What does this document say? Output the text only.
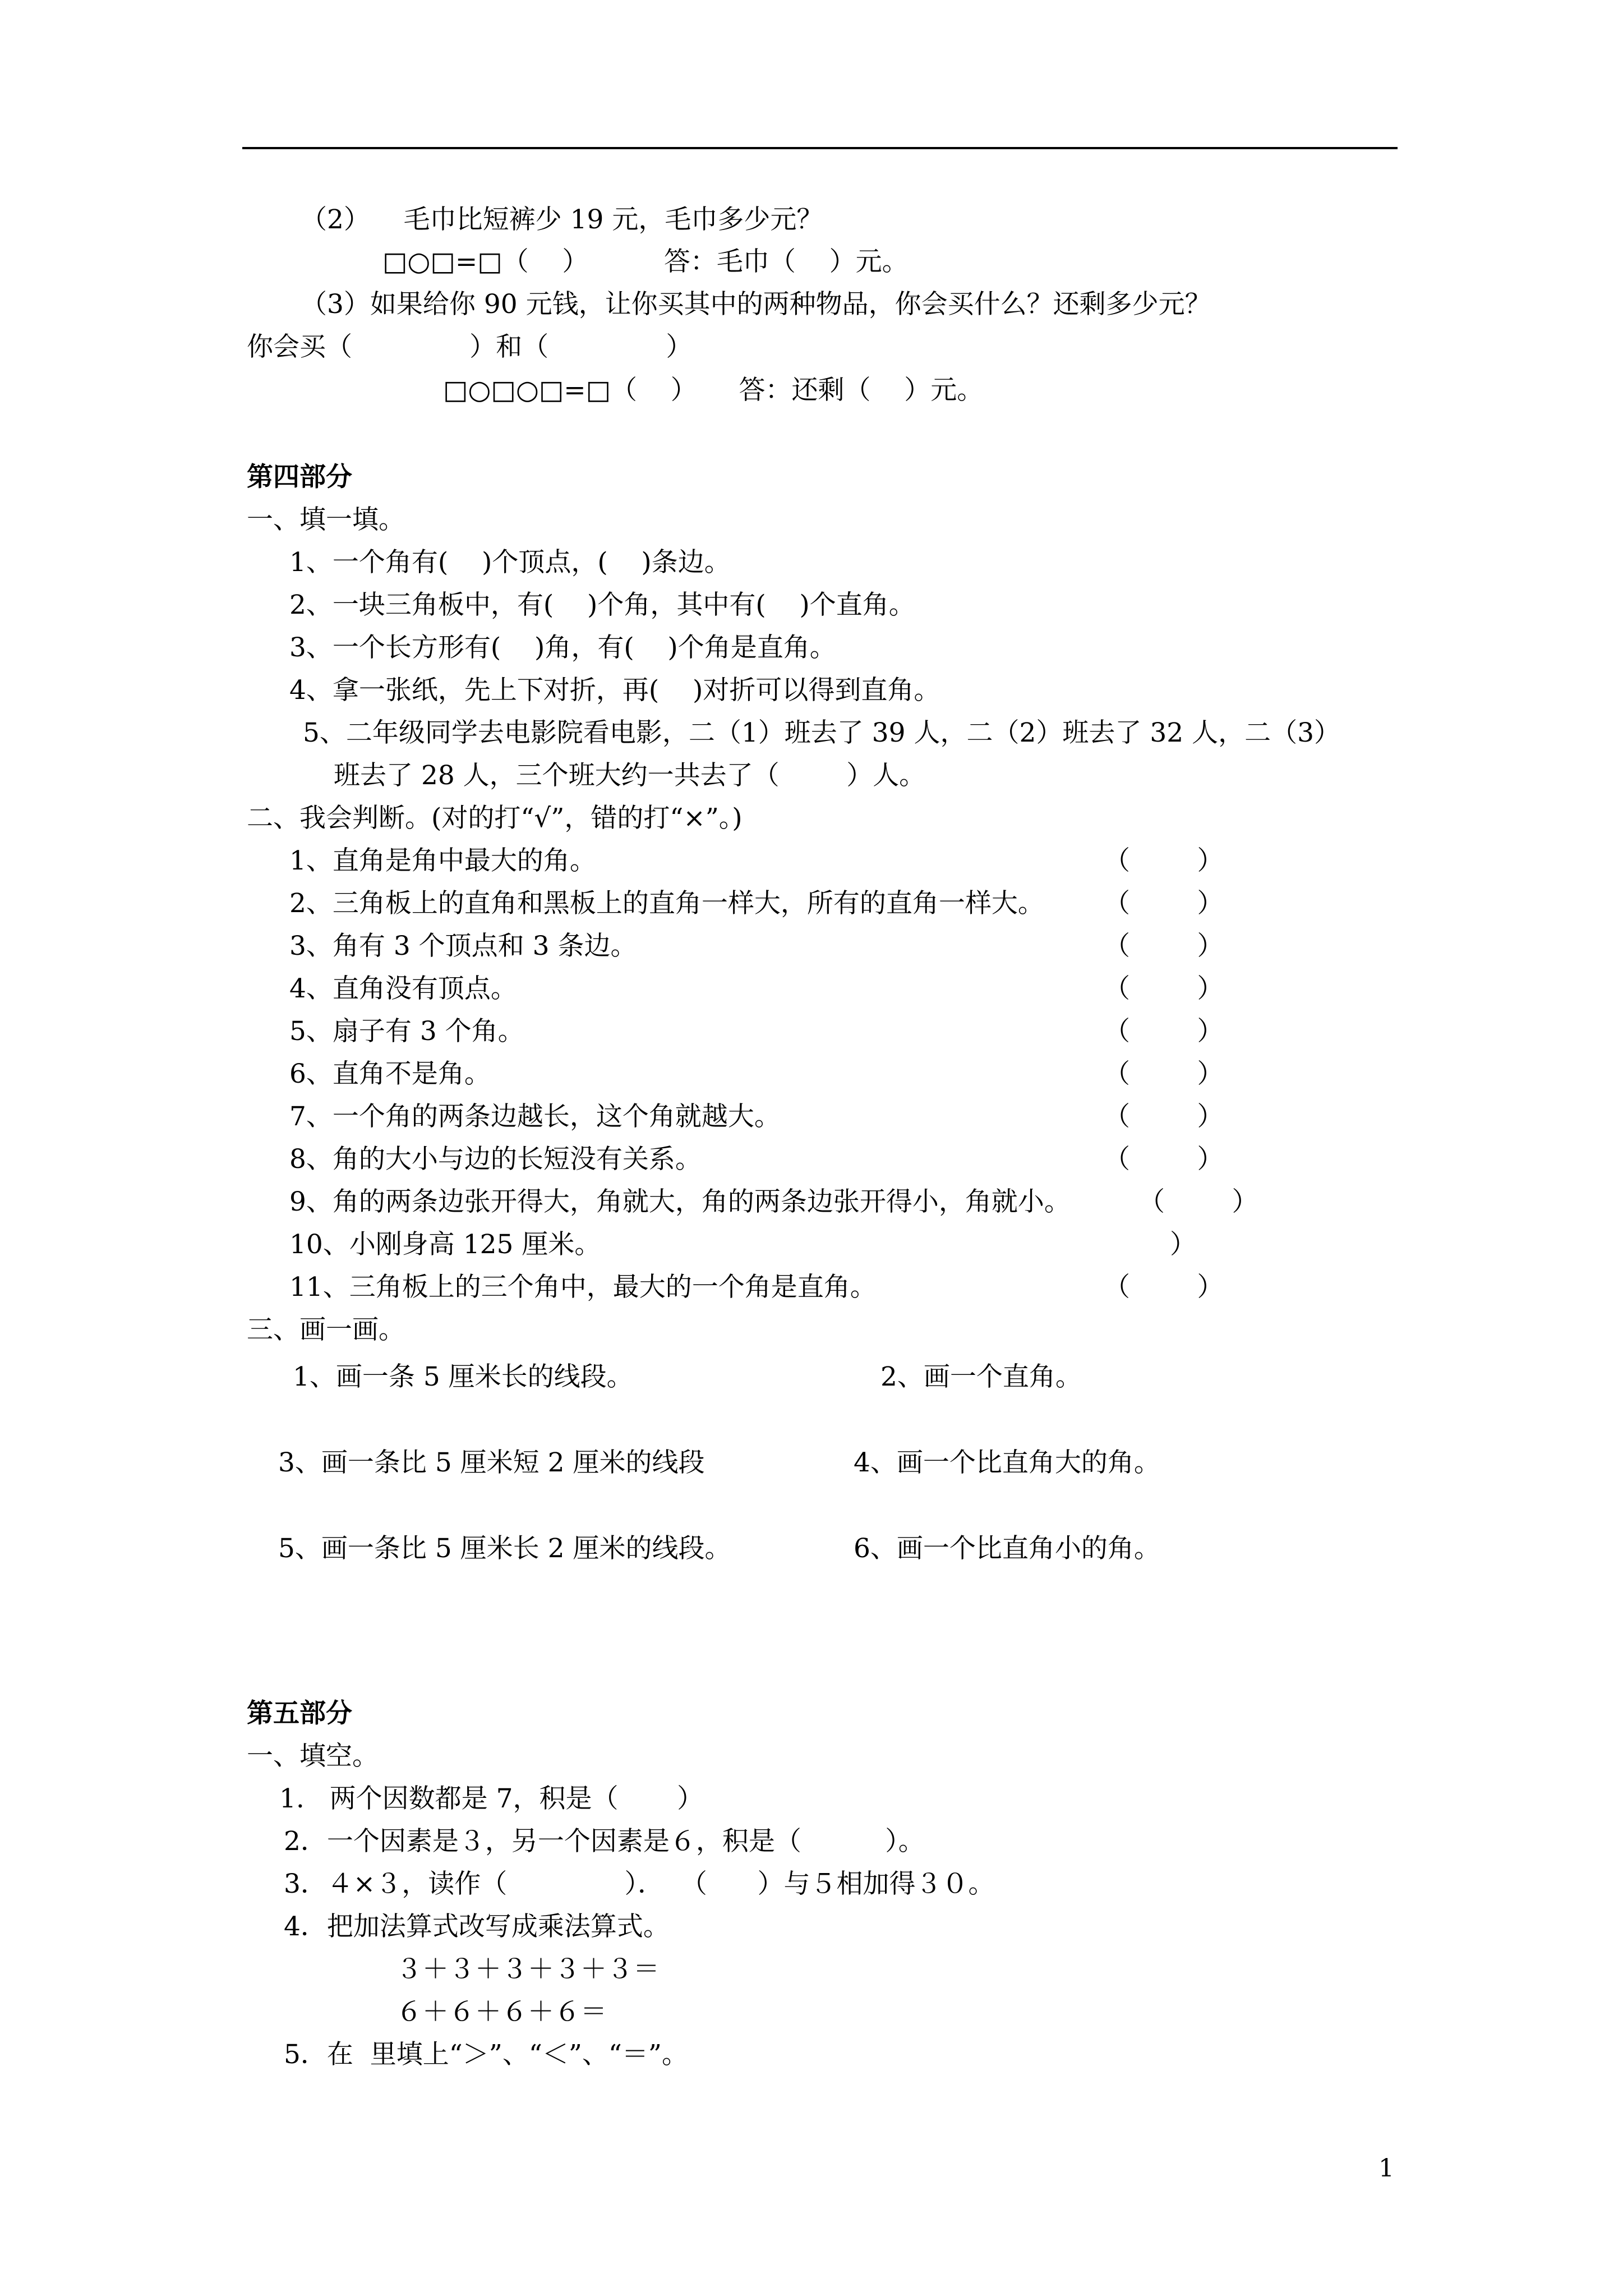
（2）    毛巾比短裤少 19 元，毛巾多少元？
□○□=□（    ）         答：毛巾（    ）元。
（3）如果给你 90 元钱，让你买其中的两种物品，你会买什么？还剩多少元？
你会买（              ）和（              ）
□○□○□=□（    ）     答：还剩（    ）元。
第四部分
一、填一填。
1、一个角有(    )个顶点，(    )条边。
2、一块三角板中，有(    )个角，其中有(    )个直角。
3、一个长方形有(    )角，有(    )个角是直角。
4、拿一张纸，先上下对折，再(    )对折可以得到直角。
5、二年级同学去电影院看电影，二（1）班去了 39 人，二（2）班去了 32 人，二（3）
班去了 28 人，三个班大约一共去了（        ）人。
二、我会判断。(对的打“√”，错的打“×”。)
1、直角是角中最大的角。	（        ）
2、三角板上的直角和黑板上的直角一样大，所有的直角一样大。 （        ）
3、角有 3 个顶点和 3 条边。	（        ）
4、直角没有顶点。	（        ）
5、扇子有 3 个角。	（        ）
6、直角不是角。	（        ）
7、一个角的两条边越长，这个角就越大。	（        ）
8、角的大小与边的长短没有关系。	（        ）
9、角的两条边张开得大，角就大，角的两条边张开得小，角就小。	（        ）
10、小刚身高 125 厘米。	）
11、三角板上的三个角中，最大的一个角是直角。	（        ）
三、画一画。
1、画一条 5 厘米长的线段。	2、画一个直角。
3、画一条比 5 厘米短 2 厘米的线段	4、画一个比直角大的角。
5、画一条比 5 厘米长 2 厘米的线段。	6、画一个比直角小的角。
第五部分
一、填空。
1.   两个因数都是 7，积是（       ）
2．一个因素是３，另一个因素是６，积是（          ）。
3．４×３，读作（              ）．  （      ）与５相加得３０。
4．把加法算式改写成乘法算式。
３＋３＋３＋３＋３＝
６＋６＋６＋６＝
5．在  里填上“＞”、“＜”、“＝”。
1
